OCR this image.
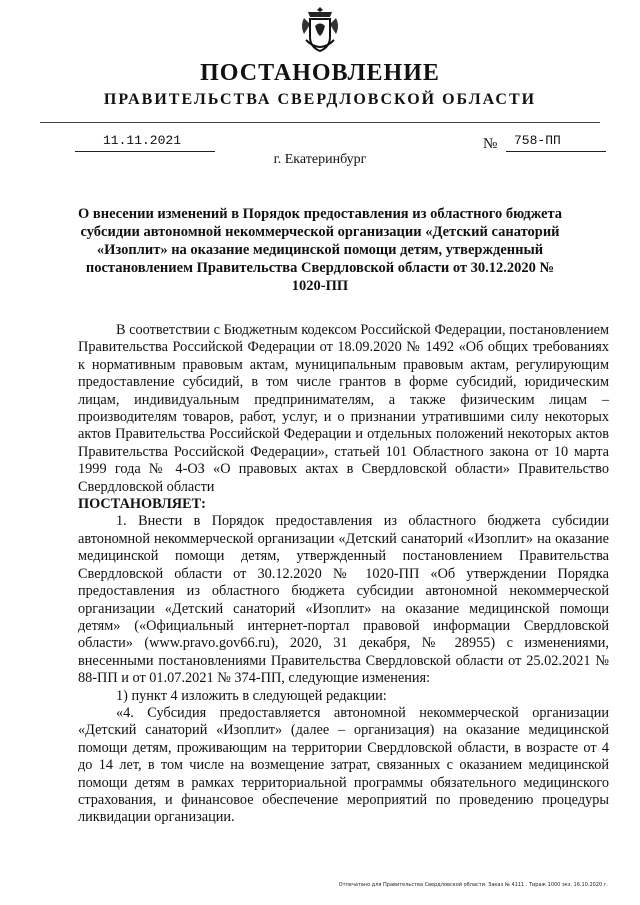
ПОСТАНОВЛЕНИЕ
ПРАВИТЕЛЬСТВА СВЕРДЛОВСКОЙ ОБЛАСТИ
11.11.2021	№	758-ПП
г. Екатеринбург
О внесении изменений в Порядок предоставления из областного бюджета субсидии автономной некоммерческой организации «Детский санаторий «Изоплит» на оказание медицинской помощи детям, утвержденный постановлением Правительства Свердловской области от 30.12.2020 № 1020-ПП

В соответствии с Бюджетным кодексом Российской Федерации, постановлением Правительства Российской Федерации от 18.09.2020 № 1492 «Об общих требованиях к нормативным правовым актам, муниципальным правовым актам, регулирующим предоставление субсидий, в том числе грантов в форме субсидий, юридическим лицам, индивидуальным предпринимателям, а также физическим лицам – производителям товаров, работ, услуг, и о признании утратившими силу некоторых актов Правительства Российской Федерации и отдельных положений некоторых актов Правительства Российской Федерации», статьей 101 Областного закона от 10 марта 1999 года № 4-ОЗ «О правовых актах в Свердловской области» Правительство Свердловской области

ПОСТАНОВЛЯЕТ:

1. Внести в Порядок предоставления из областного бюджета субсидии автономной некоммерческой организации «Детский санаторий «Изоплит» на оказание медицинской помощи детям, утвержденный постановлением Правительства Свердловской области от 30.12.2020 № 1020-ПП «Об утверждении Порядка предоставления из областного бюджета субсидии автономной некоммерческой организации «Детский санаторий «Изоплит» на оказание медицинской помощи детям» («Официальный интернет-портал правовой информации Свердловской области» (www.pravo.gov66.ru), 2020, 31 декабря, № 28955) с изменениями, внесенными постановлениями Правительства Свердловской области от 25.02.2021 № 88-ПП и от 01.07.2021 № 374-ПП, следующие изменения:

1) пункт 4 изложить в следующей редакции:

«4. Субсидия предоставляется автономной некоммерческой организации «Детский санаторий «Изоплит» (далее – организация) на оказание медицинской помощи детям, проживающим на территории Свердловской области, в возрасте от 4 до 14 лет, в том числе на возмещение затрат, связанных с оказанием медицинской помощи детям в рамках территориальной программы обязательного медицинского страхования, и финансовое обеспечение мероприятий по проведению процедуры ликвидации организации.

Отпечатано для Правительства Свердловской области. Заказ № 4111 . Тираж 1000 экз. 16.10.2020 г.
